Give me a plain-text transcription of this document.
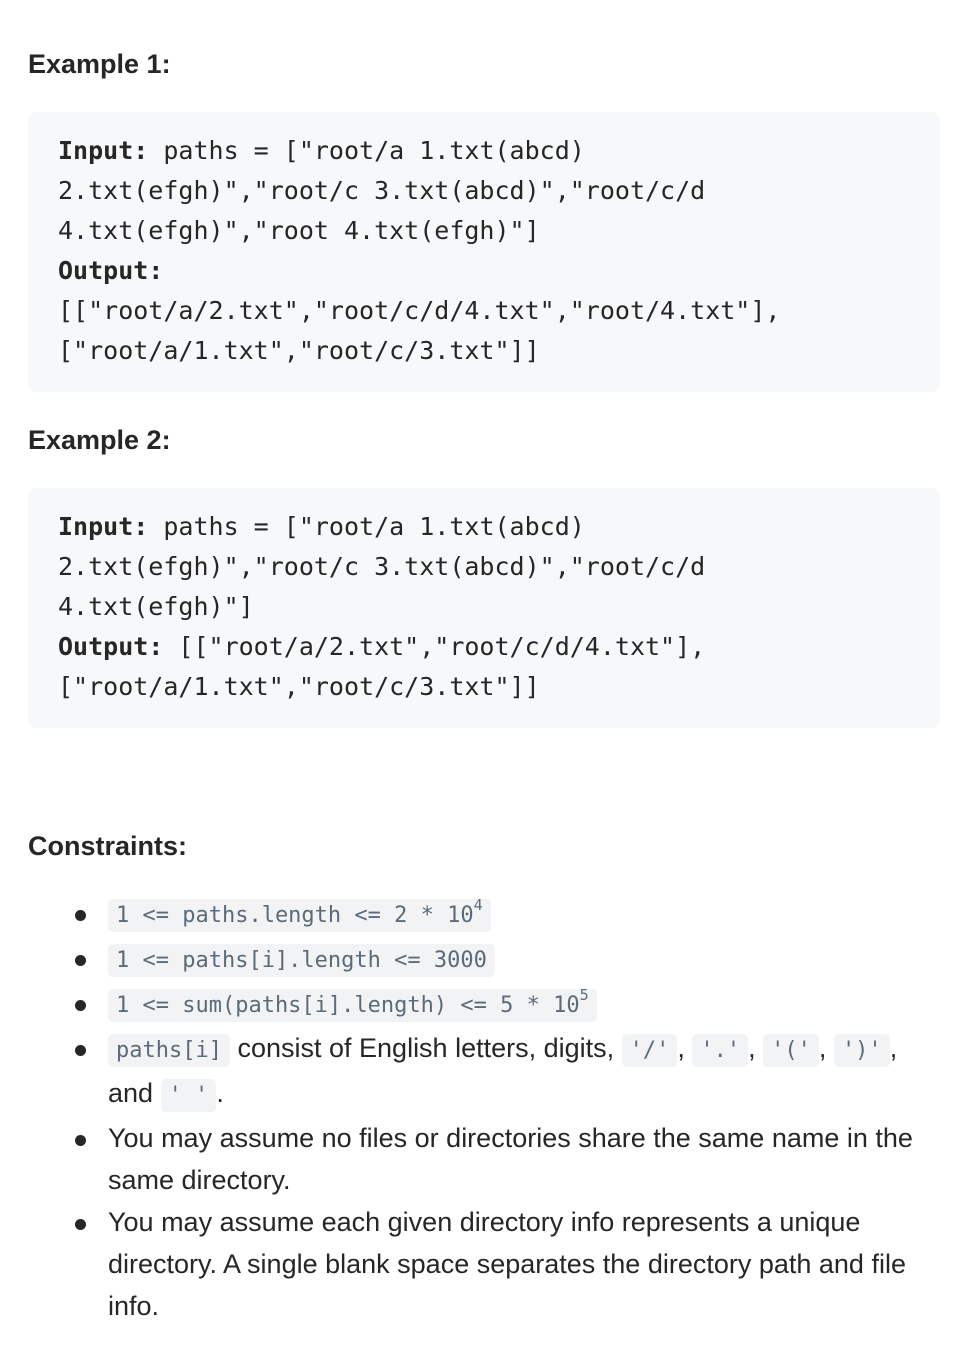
Example 1:
Input: paths = ["root/a 1.txt(abcd)
2.txt(efgh)","root/c 3.txt(abcd)","root/c/d
4.txt(efgh)","root 4.txt(efgh)"]
Output:
[["root/a/2.txt","root/c/d/4.txt","root/4.txt"],
["root/a/1.txt","root/c/3.txt"]]
Example 2:
Input: paths = ["root/a 1.txt(abcd)
2.txt(efgh)","root/c 3.txt(abcd)","root/c/d
4.txt(efgh)"]
Output: [["root/a/2.txt","root/c/d/4.txt"],
["root/a/1.txt","root/c/3.txt"]]
Constraints:
1 <= paths.length <= $2 * 10^4$
1 <= paths[i].length <= 3000
1 <= sum(paths[i].length) <= $5 * 10^5$
paths[i] consist of English letters, digits, '/' , '.' , '(' , ')' , and ' ' .
You may assume no files or directories share the same name in the same directory.
You may assume each given directory info represents a unique directory. A single blank space separates the directory path and file info.
